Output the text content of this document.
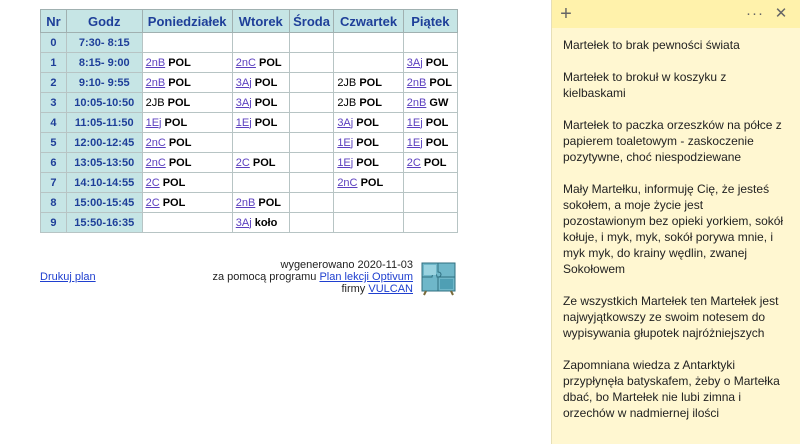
Nr	Godz	Poniedziałek	Wtorek	Środa	Czwartek	Piątek
0	7:30- 8:15					
1	8:15- 9:00	2nB POL	2nC POL			3Aj POL
2	9:10- 9:55	2nB POL	3Aj POL		2JB POL	2nB POL
3	10:05-10:50	2JB POL	3Aj POL		2JB POL	2nB GW
4	11:05-11:50	1Ej POL	1Ej POL		3Aj POL	1Ej POL
5	12:00-12:45	2nC POL			1Ej POL	1Ej POL
6	13:05-13:50	2nC POL	2C POL		1Ej POL	2C POL
7	14:10-14:55	2C POL			2nC POL	
8	15:00-15:45	2C POL	2nB POL			
9	15:50-16:35		3Aj koło			
Drukuj plan
wygenerowano 2020-11-03
za pomocą programu Plan lekcji Optivum
firmy VULCAN
+	··· ✕

Martełek to brak pewności świata

Martełek to brokuł w koszyku z kielbaskami

Martełek to paczka orzeszków na półce z papierem toaletowym - zaskoczenie pozytywne, choć niespodziewane

Mały Martełku, informuję Cię, że jesteś sokołem, a moje życie jest pozostawionym bez opieki yorkiem, sokół kołuje, i myk, myk, sokół porywa mnie, i myk myk, do krainy wędlin, zwanej Sokołowem

Ze wszystkich Martełek ten Martełek jest najwyjątkowszy ze swoim notesem do wypisywania głupotek najróżniejszych

Zapomniana wiedza z Antarktyki przypłynęła batyskafem, żeby o Martełka dbać, bo Martełek nie lubi zimna i orzechów w nadmiernej ilości
